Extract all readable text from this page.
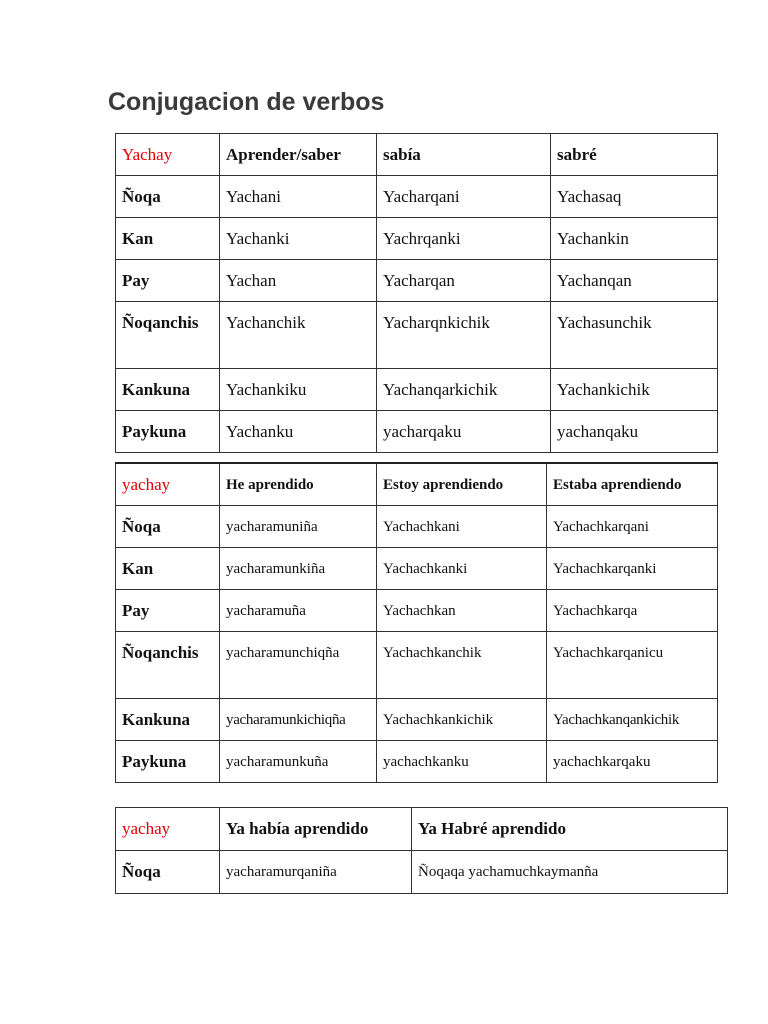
Conjugacion de verbos
Yachay	Aprender/saber	sabía	sabré
Ñoqa	Yachani	Yacharqani	Yachasaq
Kan	Yachanki	Yachrqanki	Yachankin
Pay	Yachan	Yacharqan	Yachanqan
Ñoqanchis	Yachanchik	Yacharqnkichik	Yachasunchik
Kankuna	Yachankiku	Yachanqarkichik	Yachankichik
Paykuna	Yachanku	yacharqaku	yachanqaku
yachay	He aprendido	Estoy aprendiendo	Estaba aprendiendo
Ñoqa	yacharamuniña	Yachachkani	Yachachkarqani
Kan	yacharamunkiña	Yachachkanki	Yachachkarqanki
Pay	yacharamuña	Yachachkan	Yachachkarqa
Ñoqanchis	yacharamunchiqña	Yachachkanchik	Yachachkarqanicu
Kankuna	yacharamunkichiqña	Yachachkankichik	Yachachkanqankichik
Paykuna	yacharamunkuña	yachachkanku	yachachkarqaku
yachay	Ya había aprendido	Ya Habré aprendido
Ñoqa	yacharamurqaniña	Ñoqaqa yachamuchkaymanña
